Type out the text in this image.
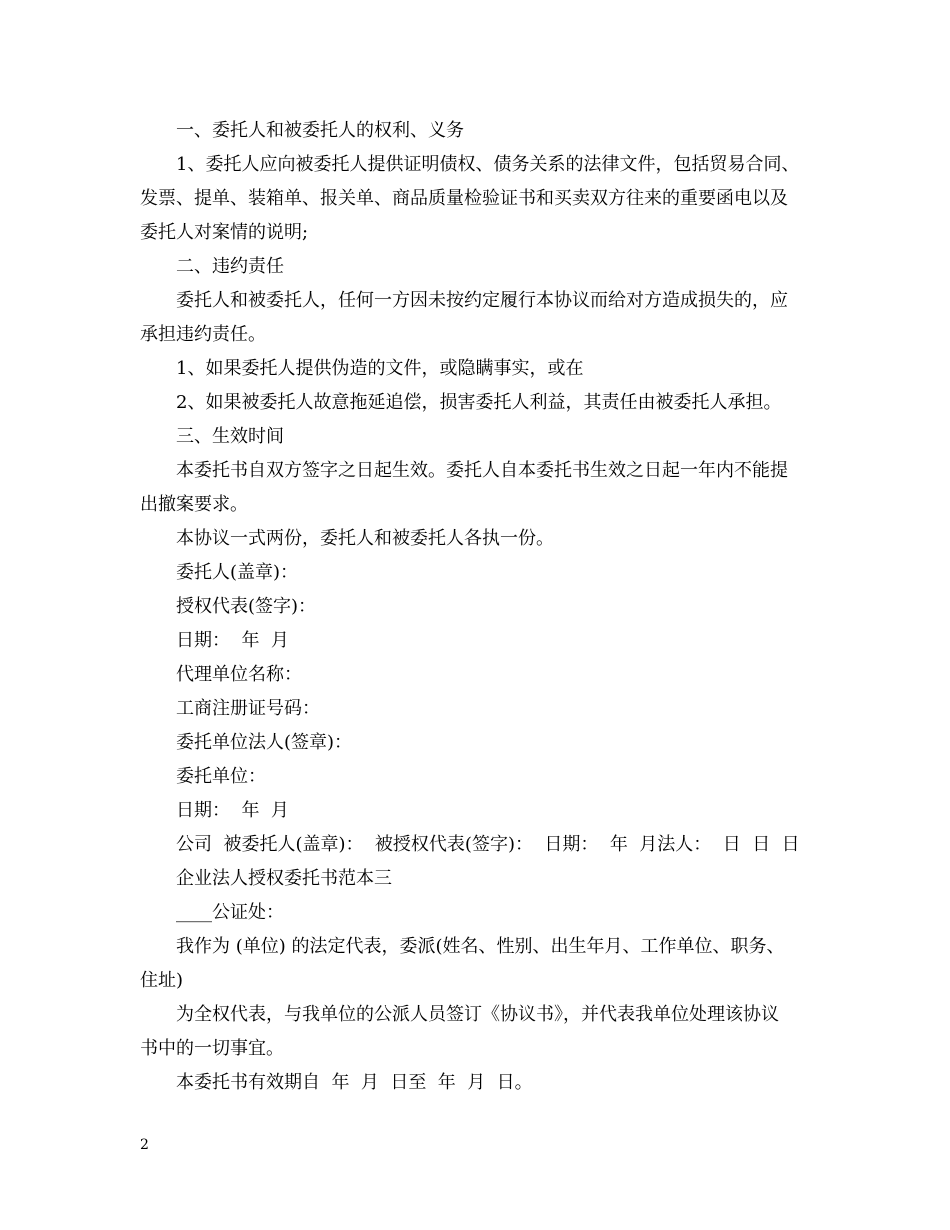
一、委托人和被委托人的权利、义务
1、委托人应向被委托人提供证明债权、债务关系的法律文件，包括贸易合同、
发票、提单、装箱单、报关单、商品质量检验证书和买卖双方往来的重要函电以及
委托人对案情的说明;
二、违约责任
委托人和被委托人，任何一方因未按约定履行本协议而给对方造成损失的，应
承担违约责任。
1、如果委托人提供伪造的文件，或隐瞒事实，或在
2、如果被委托人故意拖延追偿，损害委托人利益，其责任由被委托人承担。
三、生效时间
本委托书自双方签字之日起生效。委托人自本委托书生效之日起一年内不能提
出撤案要求。
本协议一式两份，委托人和被委托人各执一份。
委托人(盖章)：
授权代表(签字)：
日期：  年  月
代理单位名称：
工商注册证号码：
委托单位法人(签章)：
委托单位：
日期：  年  月
公司  被委托人(盖章)：  被授权代表(签字)：  日期：  年  月法人：  日  日  日
企业法人授权委托书范本三
____公证处：
我作为 (单位) 的法定代表，委派(姓名、性别、出生年月、工作单位、职务、
住址)
为全权代表，与我单位的公派人员签订《协议书》，并代表我单位处理该协议
书中的一切事宜。
本委托书有效期自  年  月  日至  年  月  日。
2
